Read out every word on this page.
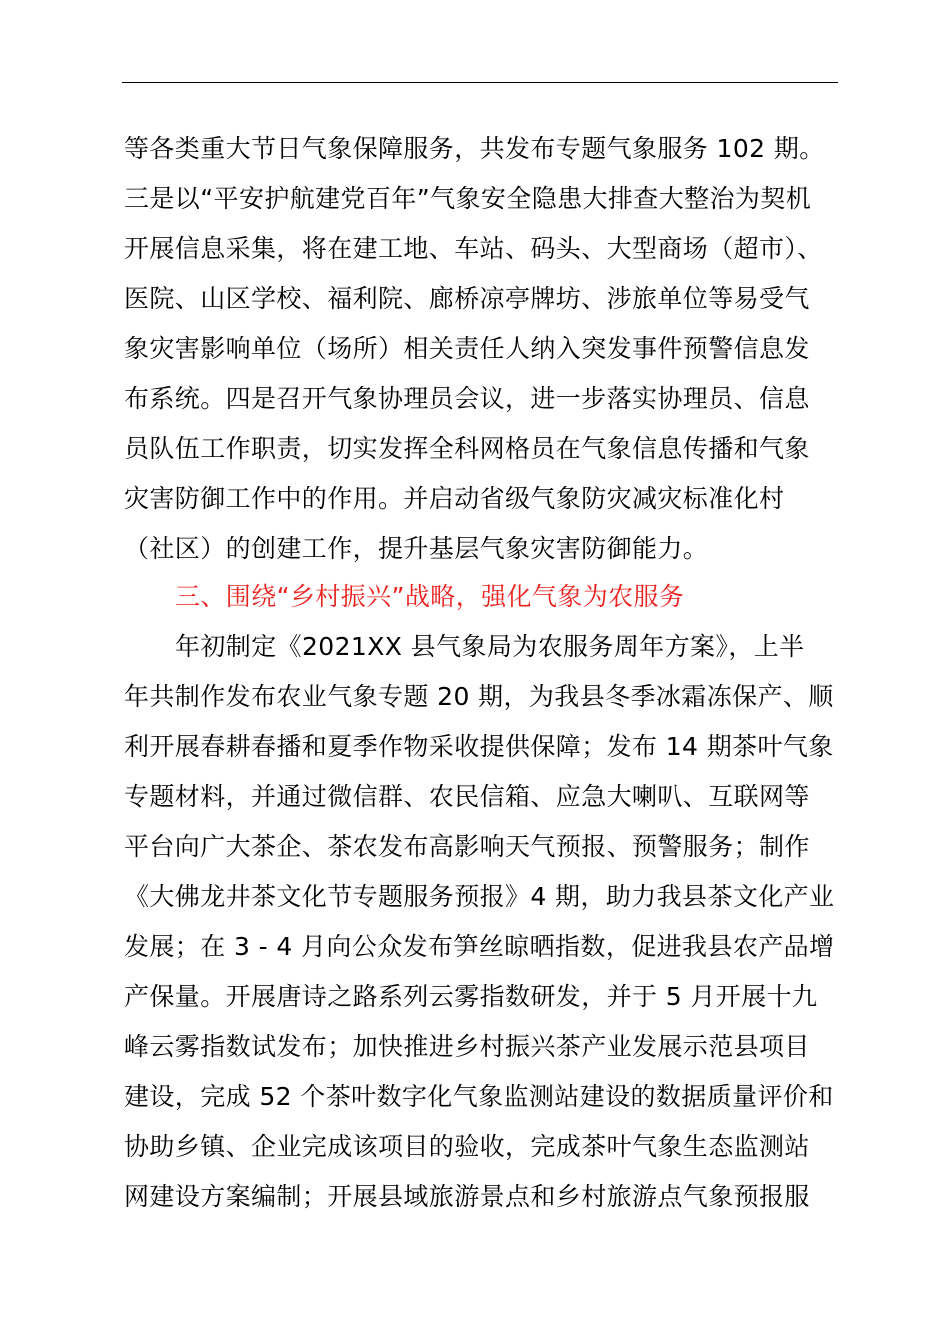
等各类重大节日气象保障服务，共发布专题气象服务 102 期。
三是以“平安护航建党百年”气象安全隐患大排查大整治为契机
开展信息采集，将在建工地、车站、码头、大型商场（超市）、
医院、山区学校、福利院、廊桥凉亭牌坊、涉旅单位等易受气
象灾害影响单位（场所）相关责任人纳入突发事件预警信息发
布系统。四是召开气象协理员会议，进一步落实协理员、信息
员队伍工作职责，切实发挥全科网格员在气象信息传播和气象
灾害防御工作中的作用。并启动省级气象防灾减灾标准化村
（社区）的创建工作，提升基层气象灾害防御能力。
三、围绕“乡村振兴”战略，强化气象为农服务
年初制定《2021XX 县气象局为农服务周年方案》，上半
年共制作发布农业气象专题 20 期，为我县冬季冰霜冻保产、顺
利开展春耕春播和夏季作物采收提供保障；发布 14 期茶叶气象
专题材料，并通过微信群、农民信箱、应急大喇叭、互联网等
平台向广大茶企、茶农发布高影响天气预报、预警服务；制作
《大佛龙井茶文化节专题服务预报》4 期，助力我县茶文化产业
发展；在 3 - 4 月向公众发布笋丝晾晒指数，促进我县农产品增
产保量。开展唐诗之路系列云雾指数研发，并于 5 月开展十九
峰云雾指数试发布；加快推进乡村振兴茶产业发展示范县项目
建设，完成 52 个茶叶数字化气象监测站建设的数据质量评价和
协助乡镇、企业完成该项目的验收，完成茶叶气象生态监测站
网建设方案编制；开展县域旅游景点和乡村旅游点气象预报服
